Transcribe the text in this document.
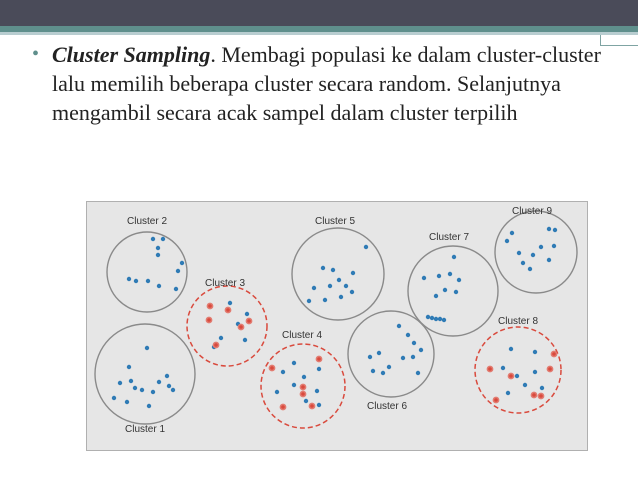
• Cluster Sampling. Membagi populasi ke dalam cluster-cluster lalu memilih beberapa cluster secara random. Selanjutnya mengambil secara acak sampel dalam cluster terpilih
Cluster 1
Cluster 2
Cluster 3
Cluster 4
Cluster 5
Cluster 6
Cluster 7
Cluster 8
Cluster 9
